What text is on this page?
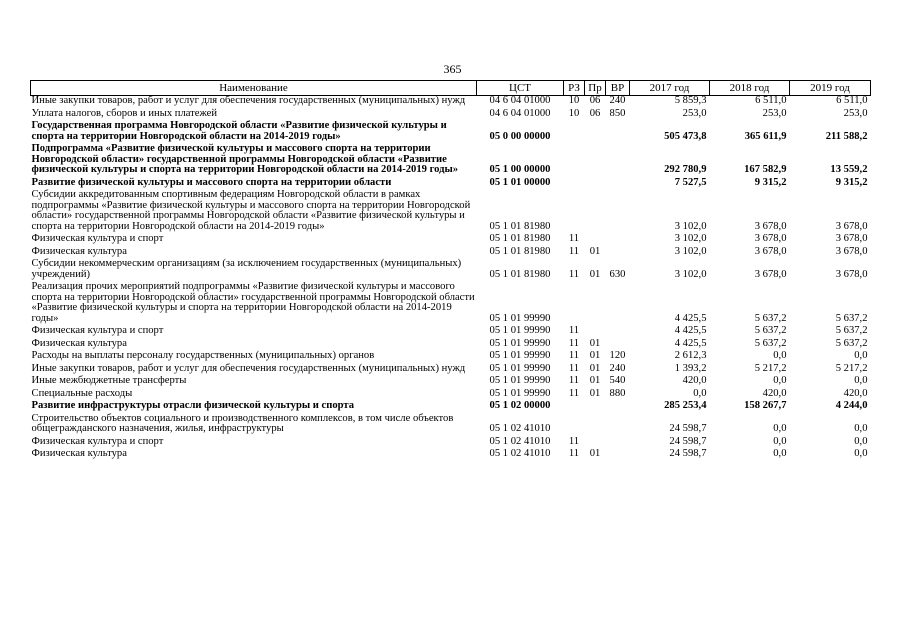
365
Наименование	ЦСТ	РЗ	Пр	ВР	2017 год	2018 год	2019 год
Иные закупки товаров, работ и услуг для обеспечения государственных (муниципальных) нужд	04 6 04 01000	10	06	240	5 859,3	6 511,0	6 511,0
Уплата налогов, сборов и иных платежей	04 6 04 01000	10	06	850	253,0	253,0	253,0
Государственная программа Новгородской области «Развитие физической культуры и спорта на территории Новгородской области на 2014-2019 годы»	05 0 00 00000				505 473,8	365 611,9	211 588,2
Подпрограмма «Развитие физической культуры и массового спорта на территории Новгородской области» государственной программы Новгородской области «Развитие физической культуры и спорта на территории Новгородской области на 2014-2019 годы»	05 1 00 00000				292 780,9	167 582,9	13 559,2
Развитие физической культуры и массового спорта на территории области	05 1 01 00000				7 527,5	9 315,2	9 315,2
Субсидии аккредитованным спортивным федерациям Новгородской области в рамках подпрограммы «Развитие физической культуры и массового спорта на территории Новгородской области» государственной программы Новгородской области «Развитие физической культуры и спорта на территории Новгородской области на 2014-2019 годы»	05 1 01 81980				3 102,0	3 678,0	3 678,0
Физическая культура и спорт	05 1 01 81980	11			3 102,0	3 678,0	3 678,0
Физическая культура	05 1 01 81980	11	01		3 102,0	3 678,0	3 678,0
Субсидии некоммерческим организациям (за исключением государственных (муниципальных) учреждений)	05 1 01 81980	11	01	630	3 102,0	3 678,0	3 678,0
Реализация прочих мероприятий подпрограммы «Развитие физической культуры и массового спорта на территории Новгородской области» государственной программы Новгородской области «Развитие физической культуры и спорта на территории Новгородской области на 2014-2019 годы»	05 1 01 99990				4 425,5	5 637,2	5 637,2
Физическая культура и спорт	05 1 01 99990	11			4 425,5	5 637,2	5 637,2
Физическая культура	05 1 01 99990	11	01		4 425,5	5 637,2	5 637,2
Расходы на выплаты персоналу государственных (муниципальных) органов	05 1 01 99990	11	01	120	2 612,3	0,0	0,0
Иные закупки товаров, работ и услуг для обеспечения государственных (муниципальных) нужд	05 1 01 99990	11	01	240	1 393,2	5 217,2	5 217,2
Иные межбюджетные трансферты	05 1 01 99990	11	01	540	420,0	0,0	0,0
Специальные расходы	05 1 01 99990	11	01	880	0,0	420,0	420,0
Развитие инфраструктуры отрасли физической культуры и спорта	05 1 02 00000				285 253,4	158 267,7	4 244,0
Строительство объектов социального и производственного комплексов, в том числе объектов общегражданского назначения, жилья, инфраструктуры	05 1 02 41010				24 598,7	0,0	0,0
Физическая культура и спорт	05 1 02 41010	11			24 598,7	0,0	0,0
Физическая культура	05 1 02 41010	11	01		24 598,7	0,0	0,0
